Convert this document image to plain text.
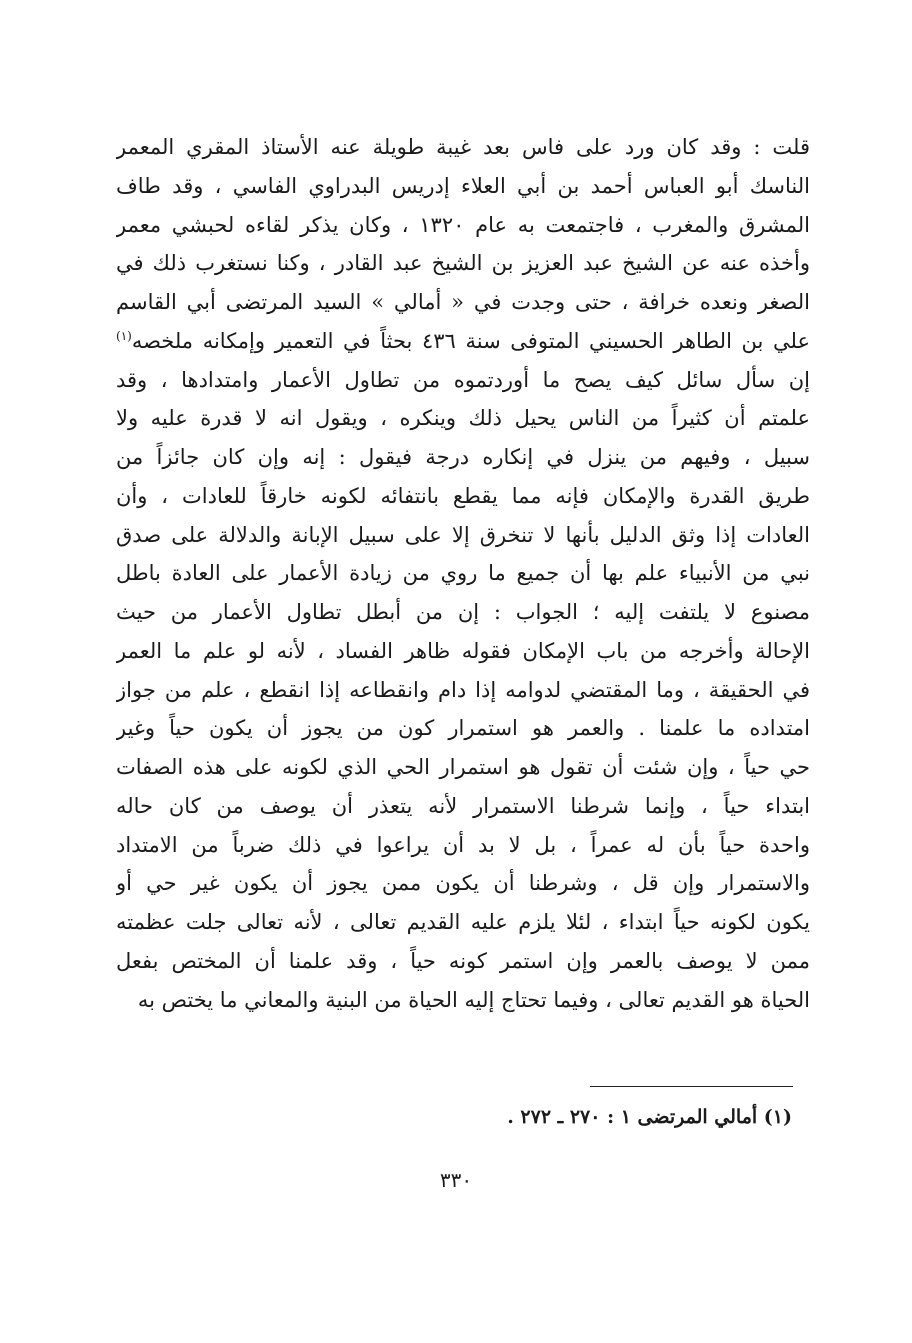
قلت : وقد كان ورد على فاس بعد غيبة طويلة عنه الأستاذ المقري المعمر
الناسك أبو العباس أحمد بن أبي العلاء إدريس البدراوي الفاسي ، وقد طاف
المشرق والمغرب ، فاجتمعت به عام ١٣٢٠ ، وكان يذكر لقاءه لحبشي معمر
وأخذه عنه عن الشيخ عبد العزيز بن الشيخ عبد القادر ، وكنا نستغرب ذلك في
الصغر ونعده خرافة ، حتى وجدت في « أمالي » السيد المرتضى أبي القاسم
علي بن الطاهر الحسيني المتوفى سنة ٤٣٦ بحثاً في التعمير وإمكانه ملخصه$^{(١)}$
إن سأل سائل كيف يصح ما أوردتموه من تطاول الأعمار وامتدادها ، وقد
علمتم أن كثيراً من الناس يحيل ذلك وينكره ، ويقول انه لا قدرة عليه ولا
سبيل ، وفيهم من ينزل في إنكاره درجة فيقول : إنه وإن كان جائزاً من
طريق القدرة والإمكان فإنه مما يقطع بانتفائه لكونه خارقاً للعادات ، وأن
العادات إذا وثق الدليل بأنها لا تنخرق إلا على سبيل الإبانة والدلالة على صدق
نبي من الأنبياء علم بها أن جميع ما روي من زيادة الأعمار على العادة باطل
مصنوع لا يلتفت إليه ؛ الجواب : إن من أبطل تطاول الأعمار من حيث
الإحالة وأخرجه من باب الإمكان فقوله ظاهر الفساد ، لأنه لو علم ما العمر
في الحقيقة ، وما المقتضي لدوامه إذا دام وانقطاعه إذا انقطع ، علم من جواز
امتداده ما علمنا . والعمر هو استمرار كون من يجوز أن يكون حياً وغير
حي حياً ، وإن شئت أن تقول هو استمرار الحي الذي لكونه على هذه الصفات
ابتداء حياً ، وإنما شرطنا الاستمرار لأنه يتعذر أن يوصف من كان حاله
واحدة حياً بأن له عمراً ، بل لا بد أن يراعوا في ذلك ضرباً من الامتداد
والاستمرار وإن قل ، وشرطنا أن يكون ممن يجوز أن يكون غير حي أو
يكون لكونه حياً ابتداء ، لئلا يلزم عليه القديم تعالى ، لأنه تعالى جلت عظمته
ممن لا يوصف بالعمر وإن استمر كونه حياً ، وقد علمنا أن المختص بفعل
الحياة هو القديم تعالى ، وفيما تحتاج إليه الحياة من البنية والمعاني ما يختص به
(١) أمالي المرتضى ١ : ٢٧٠ ـ ٢٧٢ .
٣٣٠
